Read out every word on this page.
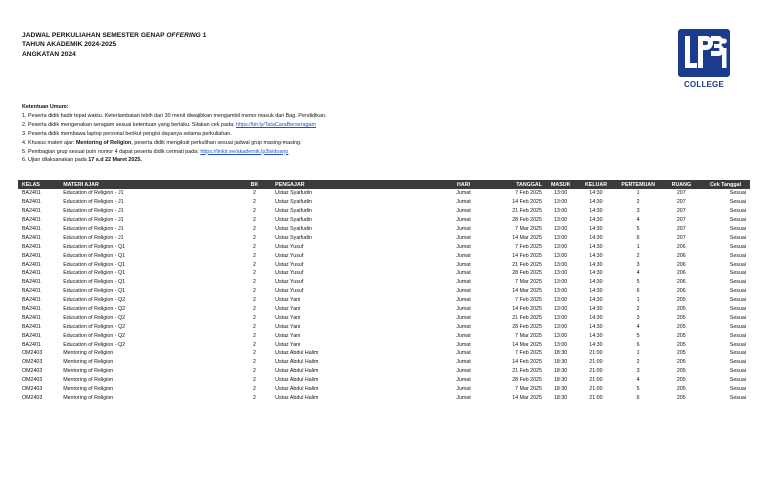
JADWAL PERKULIAHAN SEMESTER GENAP OFFERING 1
TAHUN AKADEMIK 2024-2025
ANGKATAN 2024
COLLEGE
Ketentuan Umum:
1. Peserta didik hadir tepat waktu. Keterlambatan lebih dari 30 menit diwajibkan mengambil memo masuk dari Bag. Pendidikan.
2. Peserta didik mengenakan seragam sesuai ketentuan yang berlaku. Silakan cek pada: https://bit.ly/TataCaraBerseragam
3. Peserta didik membawa laptop personal berikut pengisi dayanya selama perkuliahan.
4. Khusus materi ajar: Mentoring of Religion, peserta didik mengikuti perkulihan sesuai jadwal grup masing-masing.
5. Pembagian grup sesuai poin nomor 4 dapat peserta didik cermati pada: https://linktr.ee/akademik.lp3isidoarjo
6. Ujian dilaksanakan pada 17 s.d 22 Maret 2025.
KELAS	MATERI AJAR	BK	PENGAJAR	HARI	TANGGAL	MASUK	KELUAR	PERTEMUAN	RUANG	Cek Tanggal
BA2401	Education of Religion - J1	2	Ustaz Syaifudin	Jumat	7 Feb 2025	13:00	14:30	1	207	Sesuai
BA2401	Education of Religion - J1	2	Ustaz Syaifudin	Jumat	14 Feb 2025	13:00	14:30	2	207	Sesuai
BA2401	Education of Religion - J1	2	Ustaz Syaifudin	Jumat	21 Feb 2025	13:00	14:30	3	207	Sesuai
BA2401	Education of Religion - J1	2	Ustaz Syaifudin	Jumat	28 Feb 2025	13:00	14:30	4	207	Sesuai
BA2401	Education of Religion - J1	2	Ustaz Syaifudin	Jumat	7 Mar 2025	13:00	14:30	5	207	Sesuai
BA2401	Education of Religion - J1	2	Ustaz Syaifudin	Jumat	14 Mar 2025	13:00	14:30	6	207	Sesuai
BA2401	Education of Religion - Q1	2	Ustaz Yusuf	Jumat	7 Feb 2025	13:00	14:30	1	206	Sesuai
BA2401	Education of Religion - Q1	2	Ustaz Yusuf	Jumat	14 Feb 2025	13:00	14:30	2	206	Sesuai
BA2401	Education of Religion - Q1	2	Ustaz Yusuf	Jumat	21 Feb 2025	13:00	14:30	3	206	Sesuai
BA2401	Education of Religion - Q1	2	Ustaz Yusuf	Jumat	28 Feb 2025	13:00	14:30	4	206	Sesuai
BA2401	Education of Religion - Q1	2	Ustaz Yusuf	Jumat	7 Mar 2025	13:00	14:30	5	206	Sesuai
BA2401	Education of Religion - Q1	2	Ustaz Yusuf	Jumat	14 Mar 2025	13:00	14:30	6	206	Sesuai
BA2401	Education of Religion - Q2	2	Ustaz Yani	Jumat	7 Feb 2025	13:00	14:30	1	205	Sesuai
BA2401	Education of Religion - Q2	2	Ustaz Yani	Jumat	14 Feb 2025	13:00	14:30	2	205	Sesuai
BA2401	Education of Religion - Q2	2	Ustaz Yani	Jumat	21 Feb 2025	13:00	14:30	3	205	Sesuai
BA2401	Education of Religion - Q2	2	Ustaz Yani	Jumat	28 Feb 2025	13:00	14:30	4	205	Sesuai
BA2401	Education of Religion - Q2	2	Ustaz Yani	Jumat	7 Mar 2025	13:00	14:30	5	205	Sesuai
BA2401	Education of Religion - Q2	2	Ustaz Yani	Jumat	14 Mar 2025	13:00	14:30	6	205	Sesuai
OM2403	Mentoring of Religion	2	Ustaz Abdul Halim	Jumat	7 Feb 2025	18:30	21:00	1	205	Sesuai
OM2403	Mentoring of Religion	2	Ustaz Abdul Halim	Jumat	14 Feb 2025	18:30	21:00	2	205	Sesuai
OM2403	Mentoring of Religion	2	Ustaz Abdul Halim	Jumat	21 Feb 2025	18:30	21:00	3	205	Sesuai
OM2403	Mentoring of Religion	2	Ustaz Abdul Halim	Jumat	28 Feb 2025	18:30	21:00	4	205	Sesuai
OM2403	Mentoring of Religion	2	Ustaz Abdul Halim	Jumat	7 Mar 2025	18:30	21:00	5	205	Sesuai
OM2403	Mentoring of Religion	2	Ustaz Abdul Halim	Jumat	14 Mar 2025	18:30	21:00	6	205	Sesuai
